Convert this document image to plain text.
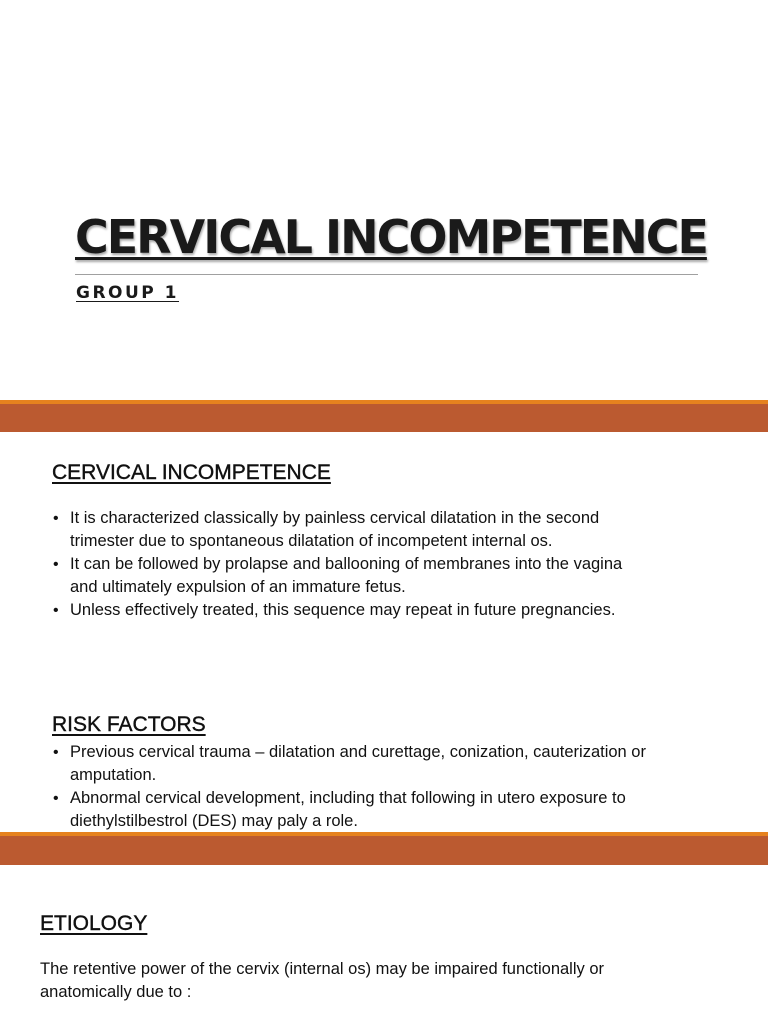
CERVICAL INCOMPETENCE
GROUP 1
CERVICAL INCOMPETENCE
• It is characterized classically by painless cervical dilatation in the second trimester due to spontaneous dilatation of incompetent internal os.
• It can be followed by prolapse and ballooning of membranes into the vagina and ultimately expulsion of an immature fetus.
• Unless effectively treated, this sequence may repeat in future pregnancies.
RISK FACTORS
• Previous cervical trauma – dilatation and curettage, conization, cauterization or amputation.
• Abnormal cervical development, including that following in utero exposure to diethylstilbestrol (DES) may paly a role.
ETIOLOGY

The retentive power of the cervix (internal os) may be impaired functionally or anatomically due to :
